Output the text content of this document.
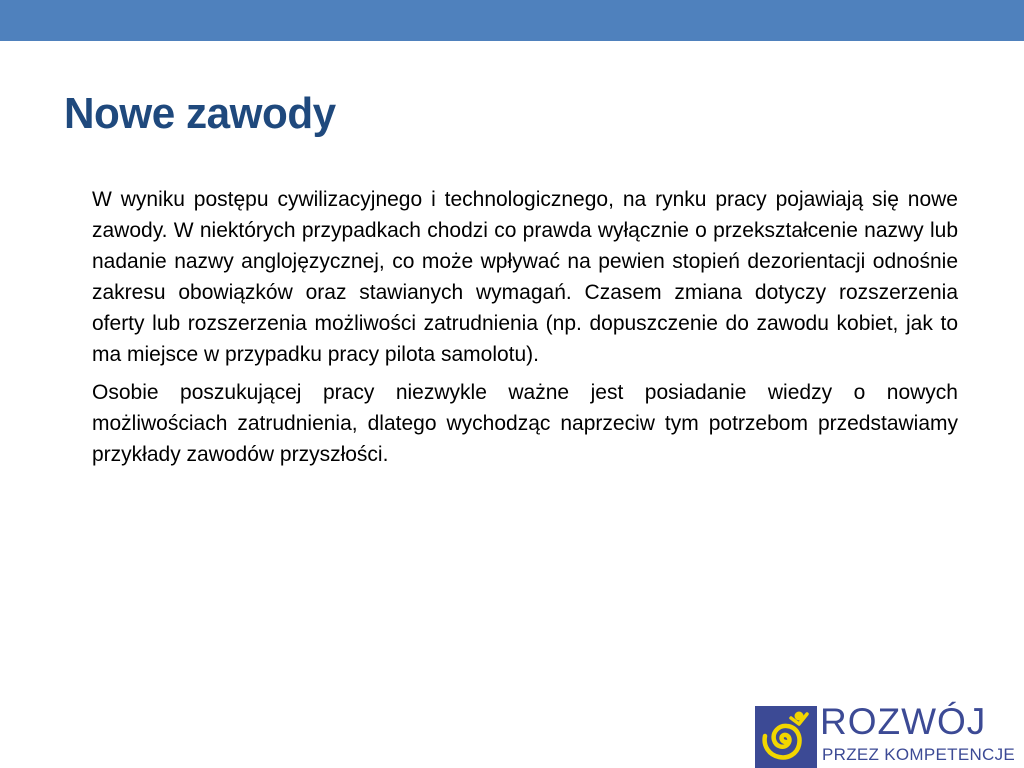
Nowe zawody

W wyniku postępu cywilizacyjnego i technologicznego, na rynku pracy pojawiają się nowe zawody. W niektórych przypadkach chodzi co prawda wyłącznie o przekształcenie nazwy lub nadanie nazwy anglojęzycznej, co może wpływać na pewien stopień dezorientacji odnośnie zakresu obowiązków oraz stawianych wymagań. Czasem zmiana dotyczy rozszerzenia oferty lub rozszerzenia możliwości zatrudnienia (np. dopuszczenie do zawodu kobiet, jak to ma miejsce w przypadku pracy pilota samolotu).

Osobie poszukującej pracy niezwykle ważne jest posiadanie wiedzy o nowych możliwościach zatrudnienia, dlatego wychodząc naprzeciw tym potrzebom przedstawiamy przykłady zawodów przyszłości.

ROZWÓJ
PRZEZ KOMPETENCJE
